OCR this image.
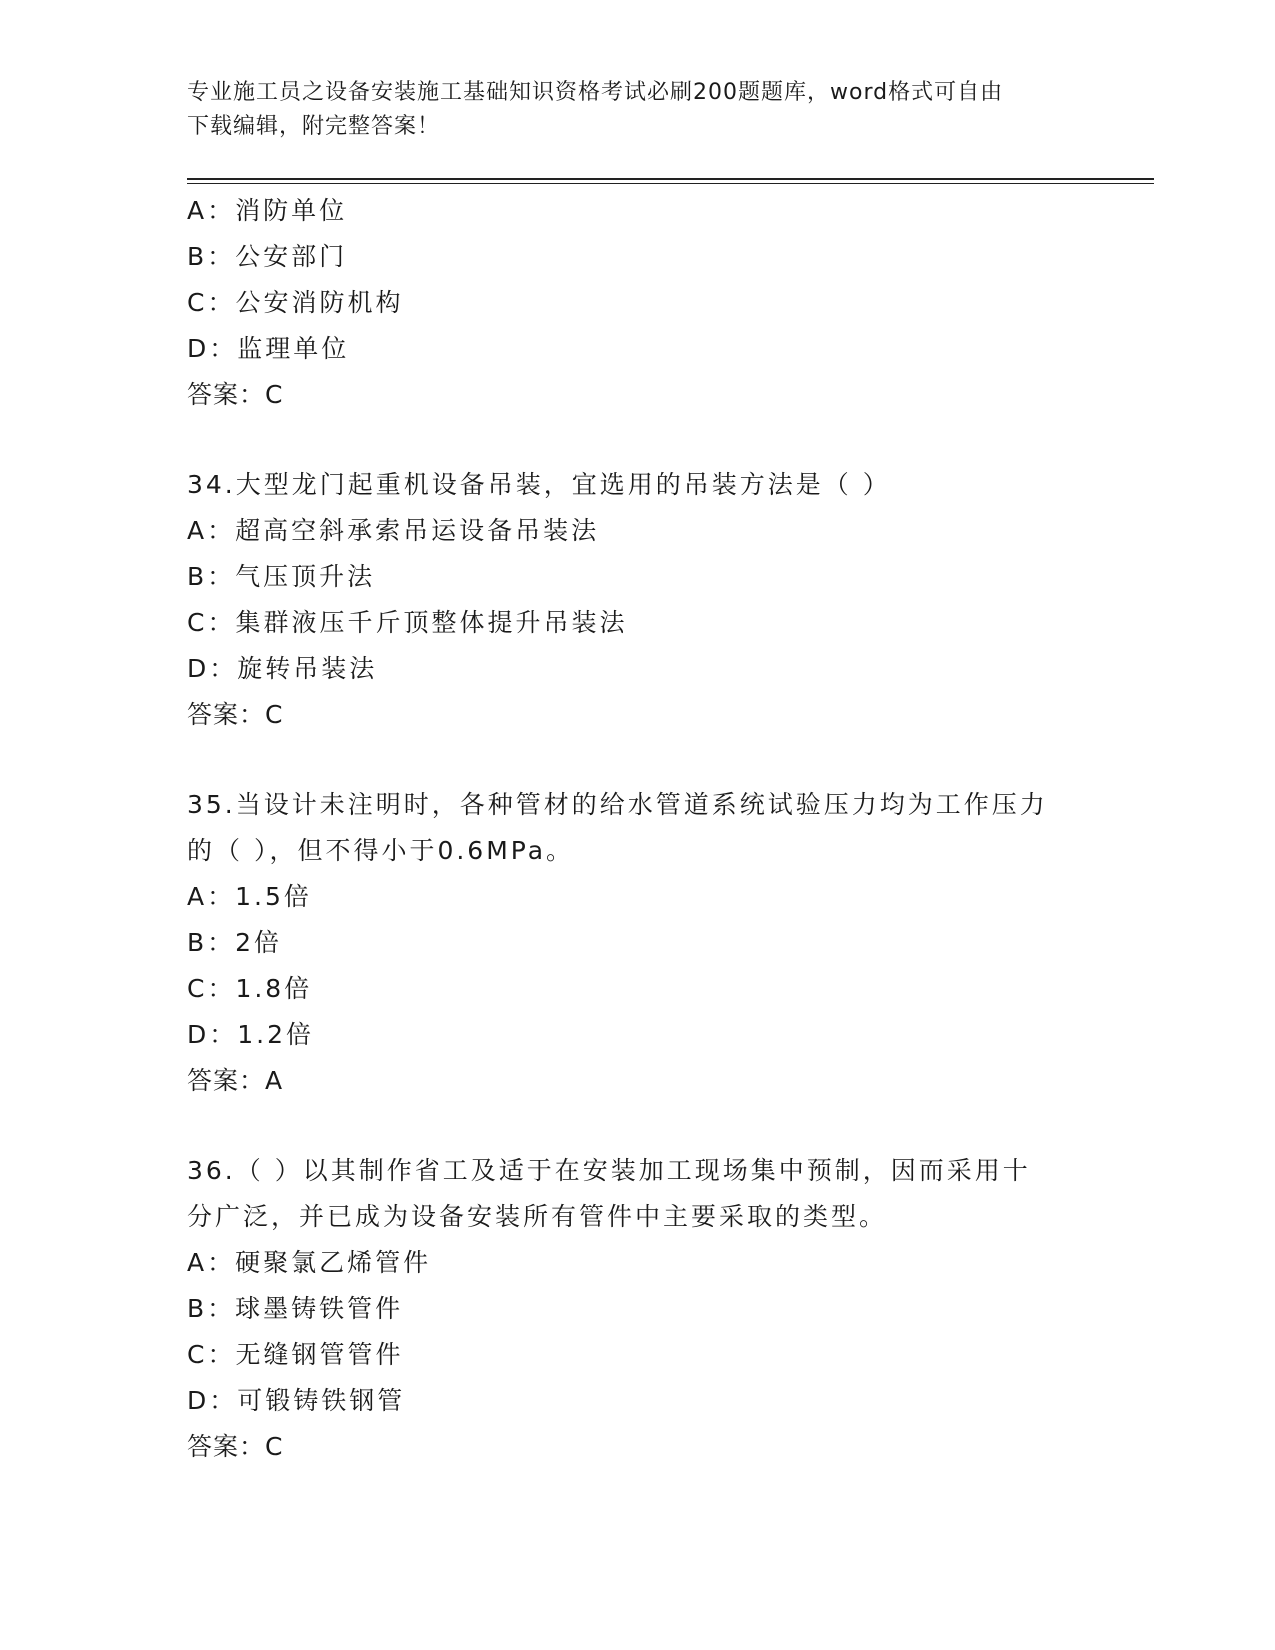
专业施工员之设备安装施工基础知识资格考试必刷200题题库，word格式可自由
下载编辑，附完整答案！
A：消防单位
B：公安部门
C：公安消防机构
D：监理单位
答案：C
34.大型龙门起重机设备吊装，宜选用的吊装方法是（ ）
A：超高空斜承索吊运设备吊装法
B：气压顶升法
C：集群液压千斤顶整体提升吊装法
D：旋转吊装法
答案：C
35.当设计未注明时，各种管材的给水管道系统试验压力均为工作压力
的（ ），但不得小于0.6MPa。
A：1.5倍
B：2倍
C：1.8倍
D：1.2倍
答案：A
36.（ ）以其制作省工及适于在安装加工现场集中预制，因而采用十
分广泛，并已成为设备安装所有管件中主要采取的类型。
A：硬聚氯乙烯管件
B：球墨铸铁管件
C：无缝钢管管件
D：可锻铸铁钢管
答案：C
